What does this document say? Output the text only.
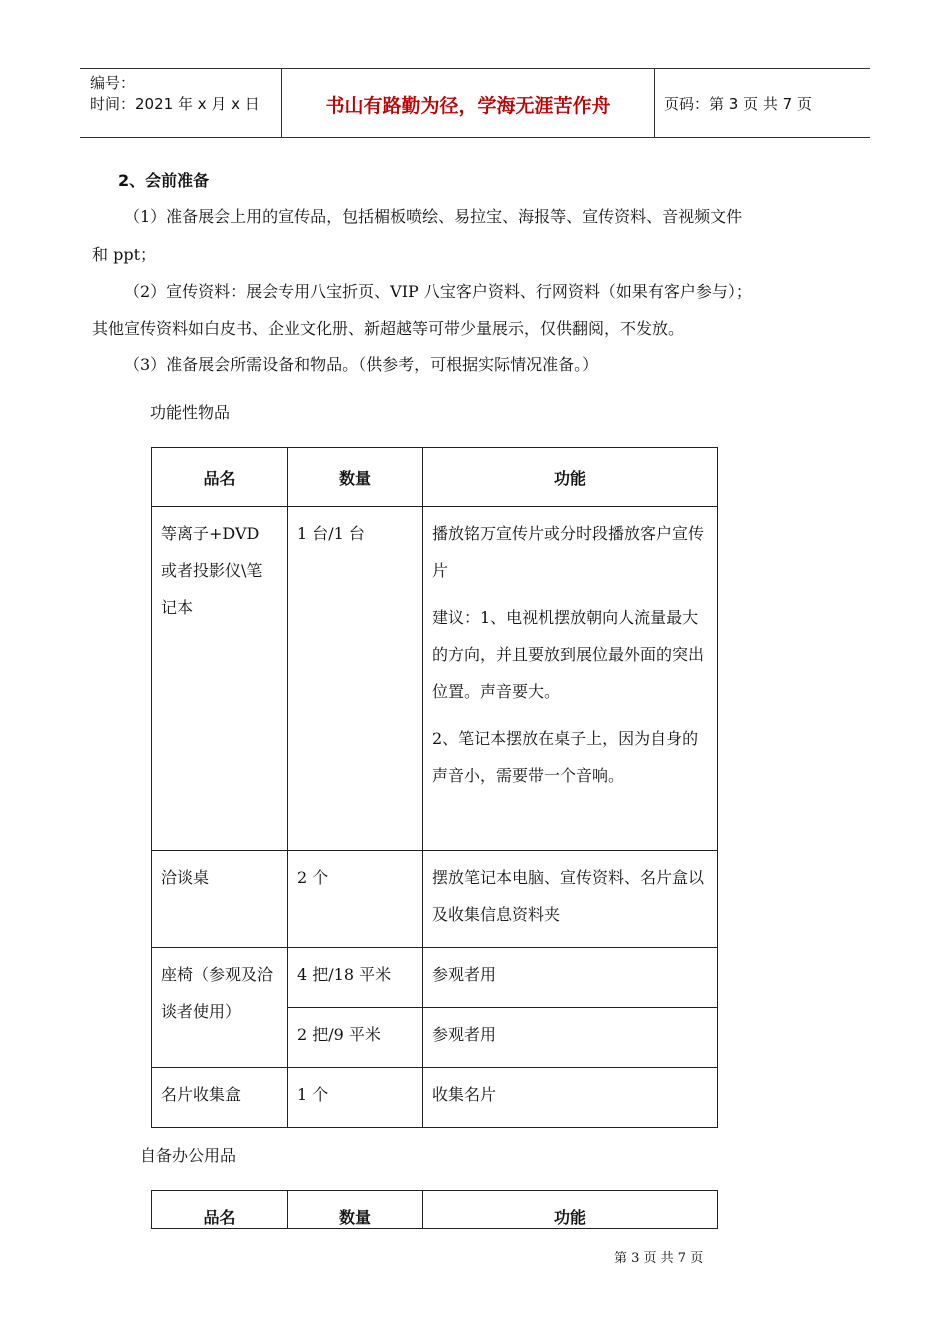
编号：
时间：2021 年 x 月 x 日	书山有路勤为径，学海无涯苦作舟	页码：第 3 页 共 7 页
2、会前准备
（1）准备展会上用的宣传品，包括楣板喷绘、易拉宝、海报等、宣传资料、音视频文件
和 ppt；
（2）宣传资料：展会专用八宝折页、VIP 八宝客户资料、行网资料（如果有客户参与）；
其他宣传资料如白皮书、企业文化册、新超越等可带少量展示，仅供翻阅，不发放。
（3）准备展会所需设备和物品。（供参考，可根据实际情况准备。）
功能性物品
品名	数量	功能

等离子+DVD 或者投影仪\笔记本	1 台/1 台	播放铭万宣传片或分时段播放客户宣传片

建议：1、电视机摆放朝向人流量最大的方向，并且要放到展位最外面的突出位置。声音要大。

2、笔记本摆放在桌子上，因为自身的声音小，需要带一个音响。

洽谈桌	2 个	摆放笔记本电脑、宣传资料、名片盒以及收集信息资料夹

座椅（参观及洽谈者使用）	4 把/18 平米	参观者用

	2 把/9 平米	参观者用

名片收集盒	1 个	收集名片
自备办公用品
品名	数量	功能
第 3 页 共 7 页
